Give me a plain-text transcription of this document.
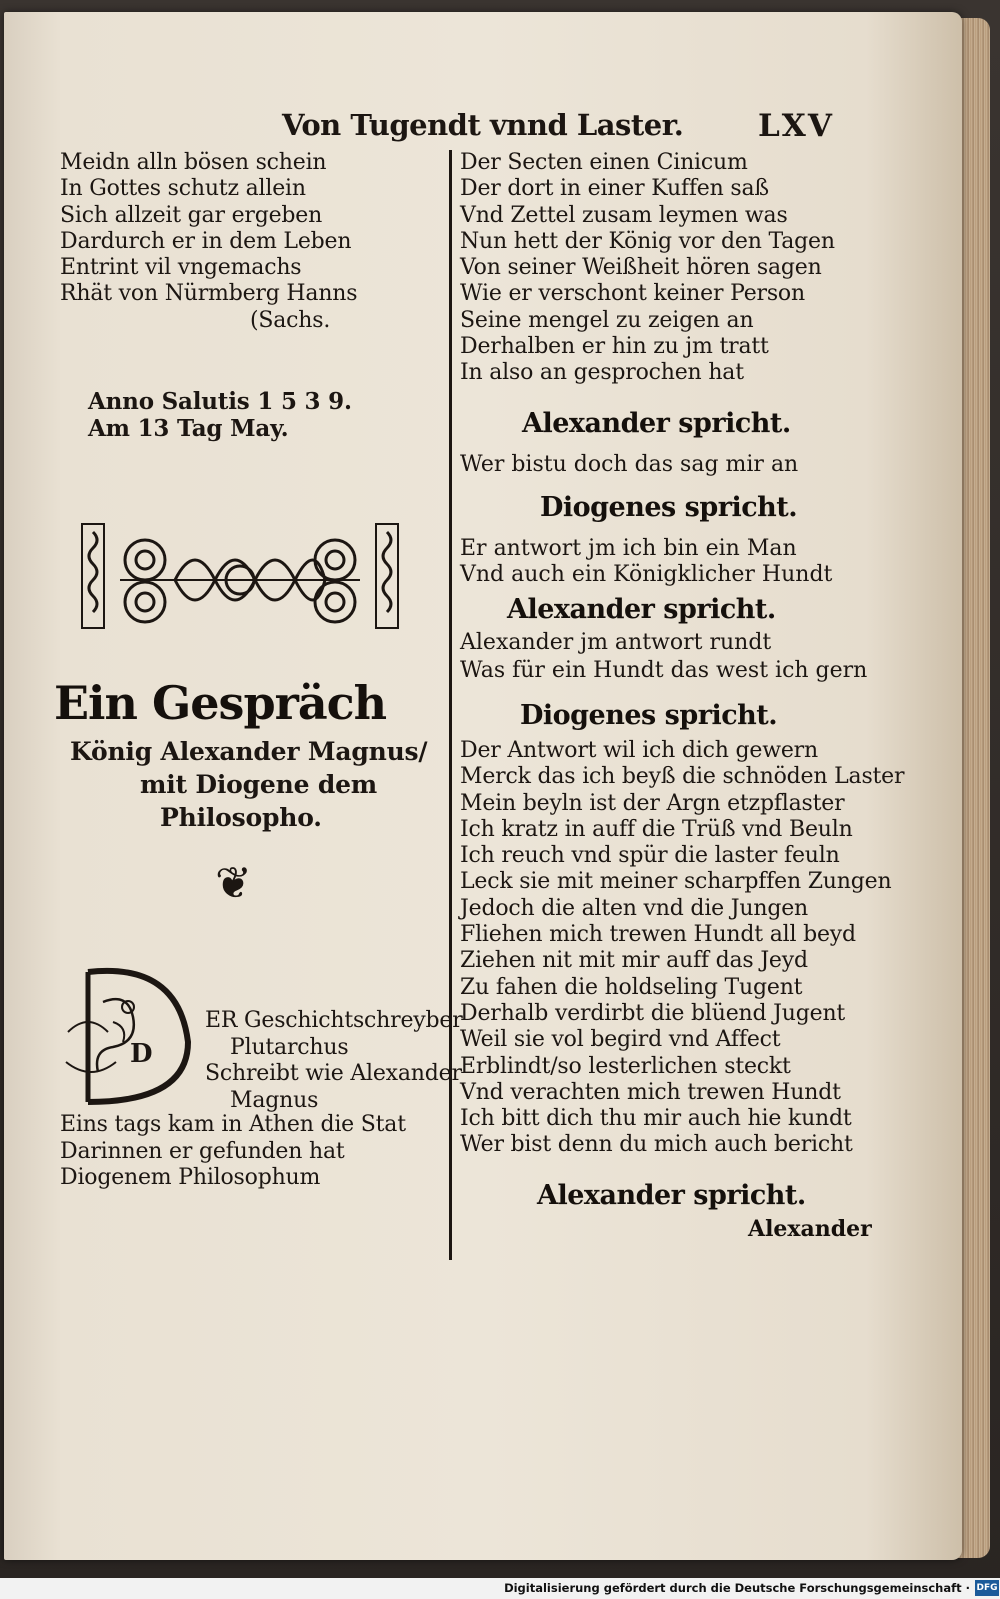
Von Tugendt vnnd Laster. LXV
Meidn alln bösen schein
In Gottes schutz allein
Sich allzeit gar ergeben
Dardurch er in dem Leben
Entrint vil vngemachs
Rhät von Nürmberg Hanns
(Sachs.
Anno Salutis 1 5 3 9.
Am 13 Tag May.
Ein Gespräch
König Alexander Magnus/
mit Diogene dem
Philosopho.
❦
D
ER Geschichtschreyber
Plutarchus
Schreibt wie Alexander
Magnus
Eins tags kam in Athen die Stat
Darinnen er gefunden hat
Diogenem Philosophum
Der Secten einen Cinicum
Der dort in einer Kuffen saß
Vnd Zettel zusam leymen was
Nun hett der König vor den Tagen
Von seiner Weißheit hören sagen
Wie er verschont keiner Person
Seine mengel zu zeigen an
Derhalben er hin zu jm tratt
In also an gesprochen hat
Alexander spricht.
Wer bistu doch das sag mir an
Diogenes spricht.
Er antwort jm ich bin ein Man
Vnd auch ein Königklicher Hundt
Alexander spricht.
Alexander jm antwort rundt
Was für ein Hundt das west ich gern
Diogenes spricht.
Der Antwort wil ich dich gewern
Merck das ich beyß die schnöden Laster
Mein beyln ist der Argn etzpflaster
Ich kratz in auff die Trüß vnd Beuln
Ich reuch vnd spür die laster feuln
Leck sie mit meiner scharpffen Zungen
Jedoch die alten vnd die Jungen
Fliehen mich trewen Hundt all beyd
Ziehen nit mit mir auff das Jeyd
Zu fahen die holdseling Tugent
Derhalb verdirbt die blüend Jugent
Weil sie vol begird vnd Affect
Erblindt/so lesterlichen steckt
Vnd verachten mich trewen Hundt
Ich bitt dich thu mir auch hie kundt
Wer bist denn du mich auch bericht
Alexander spricht.
Alexander
Digitalisierung gefördert durch die Deutsche Forschungsgemeinschaft · DFG
